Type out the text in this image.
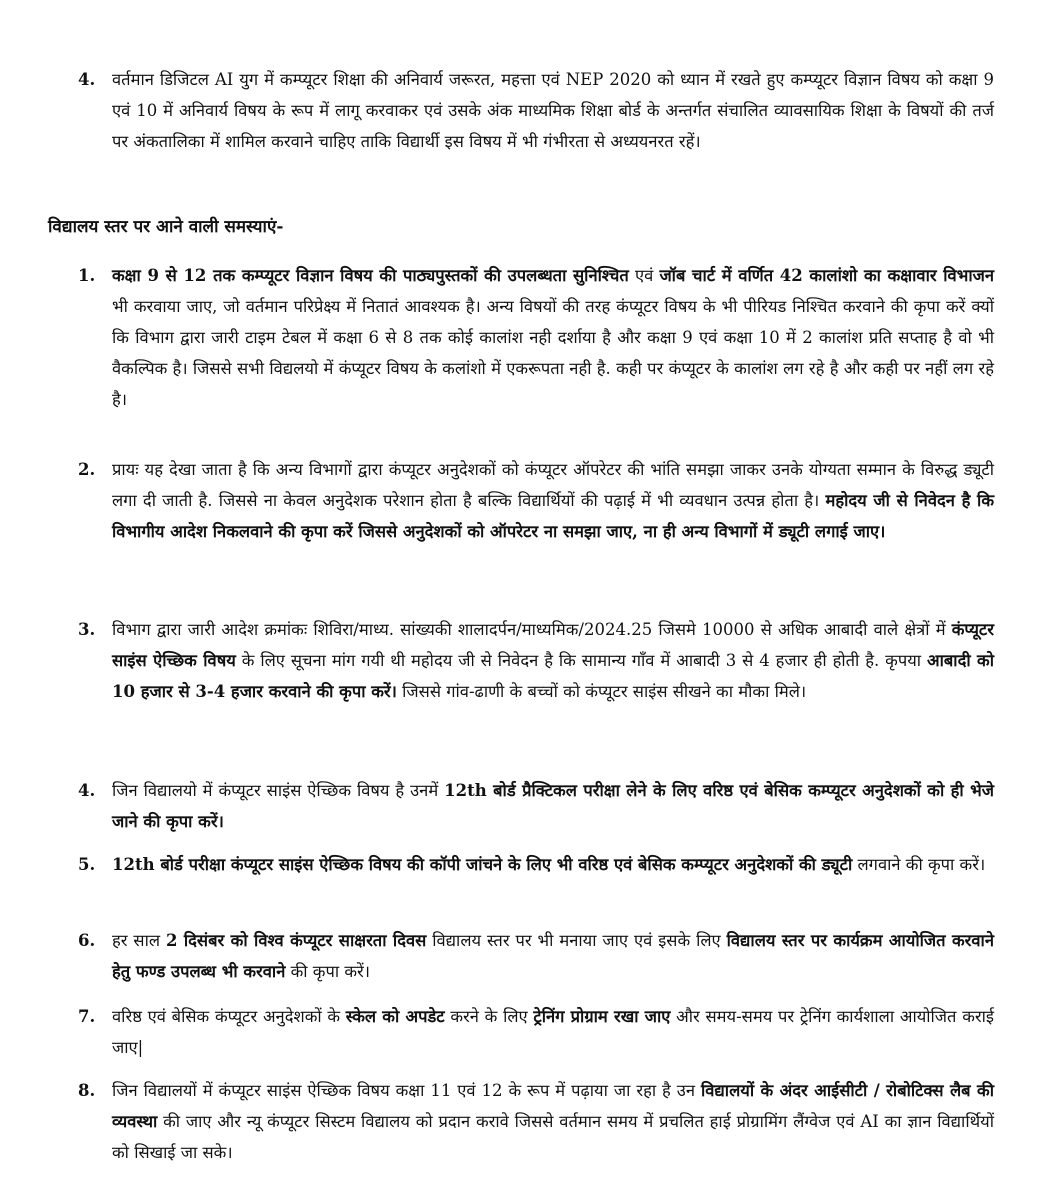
4.	वर्तमान डिजिटल AI युग में कम्प्यूटर शिक्षा की अनिवार्य जरूरत, महत्ता एवं NEP 2020 को ध्यान में रखते हुए कम्प्यूटर विज्ञान विषय को कक्षा 9 एवं 10 में अनिवार्य विषय के रूप में लागू करवाकर एवं उसके अंक माध्यमिक शिक्षा बोर्ड के अन्तर्गत संचालित व्यावसायिक शिक्षा के विषयों की तर्ज पर अंकतालिका में शामिल करवाने चाहिए ताकि विद्यार्थी इस विषय में भी गंभीरता से अध्ययनरत रहें।
विद्यालय स्तर पर आने वाली समस्याएं-
1.	कक्षा 9 से 12 तक कम्प्यूटर विज्ञान विषय की पाठ्यपुस्तकों की उपलब्धता सुनिश्चित एवं जॉब चार्ट में वर्णित 42 कालांशो का कक्षावार विभाजन भी करवाया जाए, जो वर्तमान परिप्रेक्ष्य में नितातं आवश्यक है। अन्य विषयों की तरह कंप्यूटर विषय के भी पीरियड निश्चित करवाने की कृपा करें क्यों कि विभाग द्वारा जारी टाइम टेबल में कक्षा 6 से 8 तक कोई कालांश नही दर्शाया है और कक्षा 9 एवं कक्षा 10 में 2 कालांश प्रति सप्ताह है वो भी वैकल्पिक है। जिससे सभी विद्यलयो में कंप्यूटर विषय के कलांशो में एकरूपता नही है. कही पर कंप्यूटर के कालांश लग रहे है और कही पर नहीं लग रहे है।
2.	प्रायः यह देखा जाता है कि अन्य विभागों द्वारा कंप्यूटर अनुदेशकों को कंप्यूटर ऑपरेटर की भांति समझा जाकर उनके योग्यता सम्मान के विरुद्ध ड्यूटी लगा दी जाती है. जिससे ना केवल अनुदेशक परेशान होता है बल्कि विद्यार्थियों की पढ़ाई में भी व्यवधान उत्पन्न होता है। महोदय जी से निवेदन है कि विभागीय आदेश निकलवाने की कृपा करें जिससे अनुदेशकों को ऑपरेटर ना समझा जाए, ना ही अन्य विभागों में ड्यूटी लगाई जाए।
3.	विभाग द्वारा जारी आदेश क्रमांकः शिविरा/माध्य. सांख्यकी शालादर्पन/माध्यमिक/2024.25 जिसमे 10000 से अधिक आबादी वाले क्षेत्रों में कंप्यूटर साइंस ऐच्छिक विषय के लिए सूचना मांग गयी थी महोदय जी से निवेदन है कि सामान्य गाँव में आबादी 3 से 4 हजार ही होती है. कृपया आबादी को 10 हजार से 3-4 हजार करवाने की कृपा करें। जिससे गांव-ढाणी के बच्चों को कंप्यूटर साइंस सीखने का मौका मिले।
4.	जिन विद्यालयो में कंप्यूटर साइंस ऐच्छिक विषय है उनमें 12th बोर्ड प्रैक्टिकल परीक्षा लेने के लिए वरिष्ठ एवं बेसिक कम्प्यूटर अनुदेशकों को ही भेजे जाने की कृपा करें।
5.	12th बोर्ड परीक्षा कंप्यूटर साइंस ऐच्छिक विषय की कॉपी जांचने के लिए भी वरिष्ठ एवं बेसिक कम्प्यूटर अनुदेशकों की ड्यूटी लगवाने की कृपा करें।
6.	हर साल 2 दिसंबर को विश्व कंप्यूटर साक्षरता दिवस विद्यालय स्तर पर भी मनाया जाए एवं इसके लिए विद्यालय स्तर पर कार्यक्रम आयोजित करवाने हेतु फण्ड उपलब्ध भी करवाने की कृपा करें।
7.	वरिष्ठ एवं बेसिक कंप्यूटर अनुदेशकों के स्केल को अपडेट करने के लिए ट्रेनिंग प्रोग्राम रखा जाए और समय-समय पर ट्रेनिंग कार्यशाला आयोजित कराई जाए|
8.	जिन विद्यालयों में कंप्यूटर साइंस ऐच्छिक विषय कक्षा 11 एवं 12 के रूप में पढ़ाया जा रहा है उन विद्यालयों के अंदर आईसीटी / रोबोटिक्स लैब की व्यवस्था की जाए और न्यू कंप्यूटर सिस्टम विद्यालय को प्रदान करावे जिससे वर्तमान समय में प्रचलित हाई प्रोग्रामिंग लैंग्वेज एवं AI का ज्ञान विद्यार्थियों को सिखाई जा सके।
